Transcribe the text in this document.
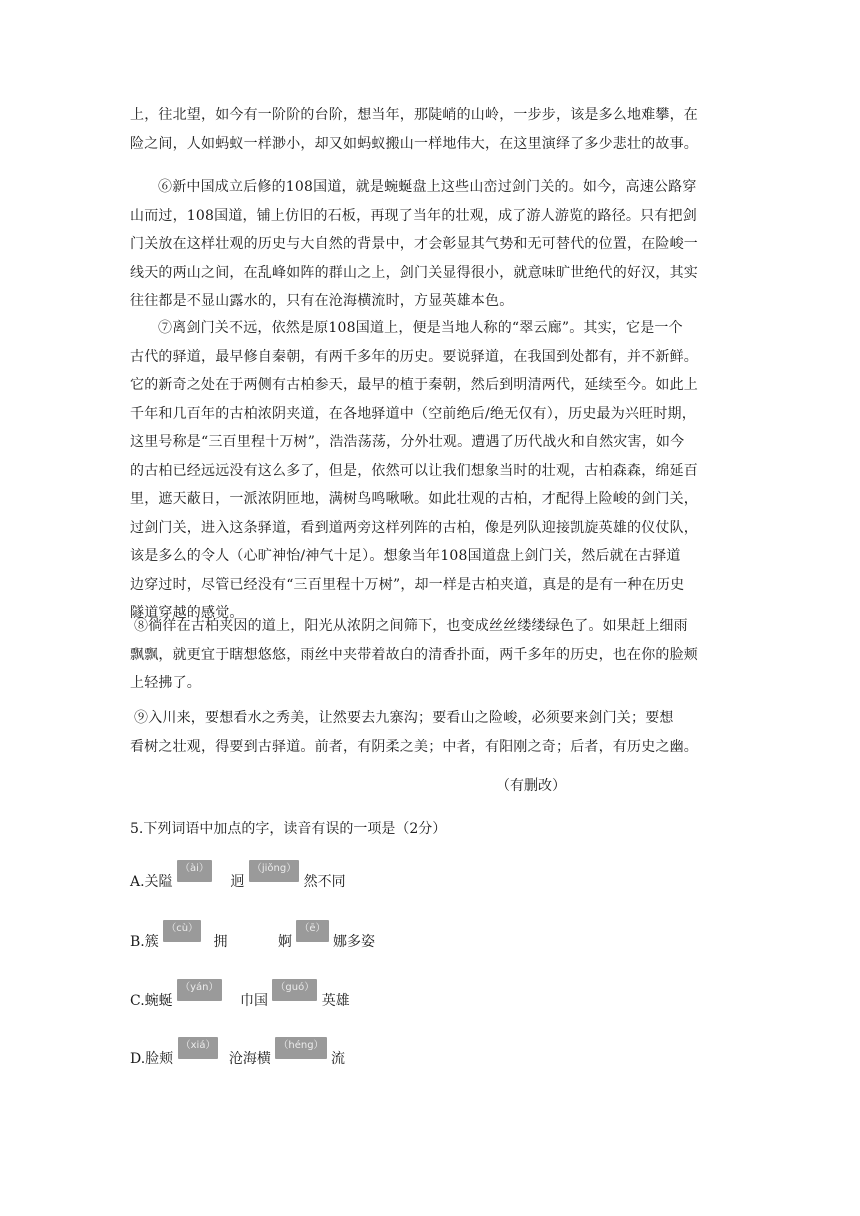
上，往北望，如今有一阶阶的台阶，想当年，那陡峭的山岭，一步步，该是多么地难攀，在
险之间，人如蚂蚁一样渺小，却又如蚂蚁搬山一样地伟大，在这里演绎了多少悲壮的故事。
⑥新中国成立后修的108国道，就是蜿蜒盘上这些山峦过剑门关的。如今，高速公路穿
山而过，108国道，铺上仿旧的石板，再现了当年的壮观，成了游人游览的路径。只有把剑
门关放在这样壮观的历史与大自然的背景中，才会彰显其气势和无可替代的位置，在险峻一
线天的两山之间，在乱峰如阵的群山之上，剑门关显得很小，就意味旷世绝代的好汉，其实
往往都是不显山露水的，只有在沧海横流时，方显英雄本色。
⑦离剑门关不远，依然是原108国道上，便是当地人称的“翠云廊”。其实，它是一个
古代的驿道，最早修自秦朝，有两千多年的历史。要说驿道，在我国到处都有，并不新鲜。
它的新奇之处在于两侧有古柏参天，最早的植于秦朝，然后到明清两代，延续至今。如此上
千年和几百年的古柏浓阴夹道，在各地驿道中（空前绝后/绝无仅有），历史最为兴旺时期，
这里号称是“三百里程十万树”，浩浩荡荡，分外壮观。遭遇了历代战火和自然灾害，如今
的古柏已经远远没有这么多了，但是，依然可以让我们想象当时的壮观，古柏森森，绵延百
里，遮天蔽日，一派浓阴匝地，满树鸟鸣啾啾。如此壮观的古柏，才配得上险峻的剑门关，
过剑门关，进入这条驿道，看到道两旁这样列阵的古柏，像是列队迎接凯旋英雄的仪仗队，
该是多么的令人（心旷神怡/神气十足）。想象当年108国道盘上剑门关，然后就在古驿道
边穿过时，尽管已经没有“三百里程十万树”，却一样是古柏夹道，真是的是有一种在历史
隧道穿越的感觉。
⑧徜徉在古柏夹因的道上，阳光从浓阴之间筛下，也变成丝丝缕缕绿色了。如果赶上细雨
飘飘，就更宜于瞎想悠悠，雨丝中夹带着故白的清香扑面，两千多年的历史，也在你的脸颊
上轻拂了。
⑨入川来，要想看水之秀美，让然要去九寨沟；要看山之险峻，必须要来剑门关；要想
看树之壮观，得要到古驿道。前者，有阴柔之美；中者，有阳刚之奇；后者，有历史之幽。
（有删改）
5.下列词语中加点的字，读音有误的一项是（2分）
A.关隘 （ài） 迥 （jiǒng） 然不同
B.簇 （cù） 拥	婀 （ē） 娜多姿
C.蜿蜒 （yán） 巾国 （guó） 英雄
D.脸颊 （xiá） 沧海横 （héng） 流
